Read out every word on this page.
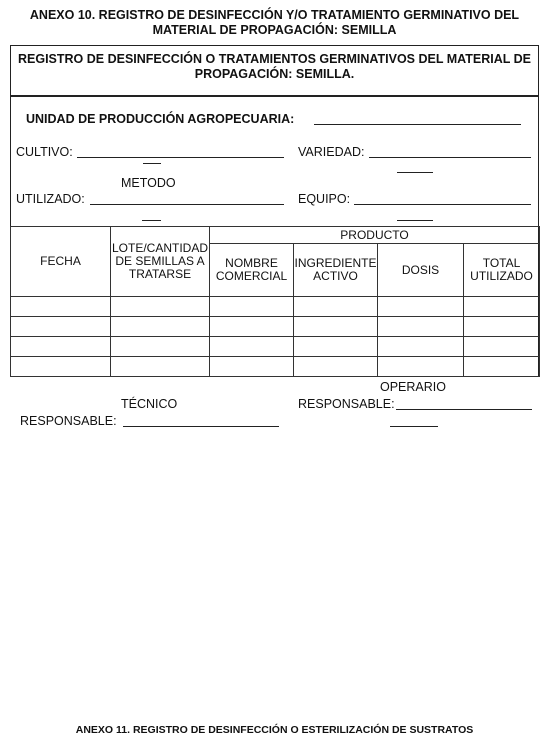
ANEXO 10. REGISTRO DE DESINFECCIÓN Y/O TRATAMIENTO GERMINATIVO DEL MATERIAL DE PROPAGACIÓN: SEMILLA
REGISTRO DE DESINFECCIÓN O TRATAMIENTOS GERMINATIVOS DEL MATERIAL DE PROPAGACIÓN: SEMILLA.
UNIDAD DE PRODUCCIÓN AGROPECUARIA:
CULTIVO:	VARIEDAD:
METODO
UTILIZADO:	EQUIPO:
FECHA	LOTE/CANTIDAD DE SEMILLAS A TRATARSE	PRODUCTO			
		NOMBRE COMERCIAL	INGREDIENTE ACTIVO	DOSIS	TOTAL UTILIZADO

TÉCNICO
RESPONSABLE:
OPERARIO
RESPONSABLE:
ANEXO 11. REGISTRO DE DESINFECCIÓN O ESTERILIZACIÓN DE SUSTRATOS
